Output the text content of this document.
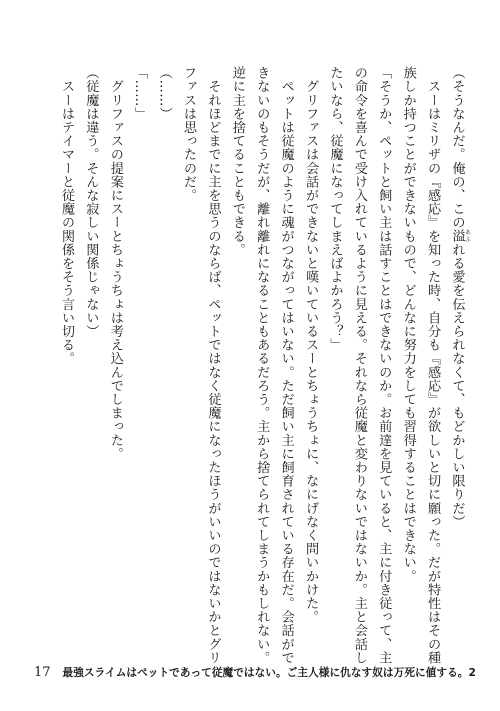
（そうなんだ。俺の、この溢 あふれる愛を伝えられなくて、もどかしい限りだ）

　スーはミリザの『感応』を知った時、自分も『感応』が欲しいと切に願った。だが特性はその種

族しか持つことができないもので、どんなに努力をしても習得することはできない。

「そうか、ペットと飼い主は話すことはできないのか。お前達を見ていると、主に付き従って、主

の命令を喜んで受け入れているように見える。それなら従魔と変わりないではないか。主と会話し

たいなら、従魔になってしまえばよかろう？」

　グリファスは会話ができないと嘆いているスーとちょうちょに、なにげなく問いかけた。

　ペットは従魔のように魂がつながってはいない。ただ飼い主に飼育されている存在だ。会話がで

きないのもそうだが、離れ離れになることもあるだろう。主から捨てられてしまうかもしれない。

逆に主を捨てることもできる。

　それほどまでに主を思うのならば、ペットではなく従魔になったほうがいいのではないかとグリ

ファスは思ったのだ。

（……）

「……」

　グリファスの提案にスーとちょうちょは考え込んでしまった。

（従魔は違う。そんな寂しい関係じゃない）

　スーはテイマーと従魔の関係をそう言い切る。

17 最強スライムはペットであって従魔ではない。ご主人様に仇なす奴は万死に値する。2
